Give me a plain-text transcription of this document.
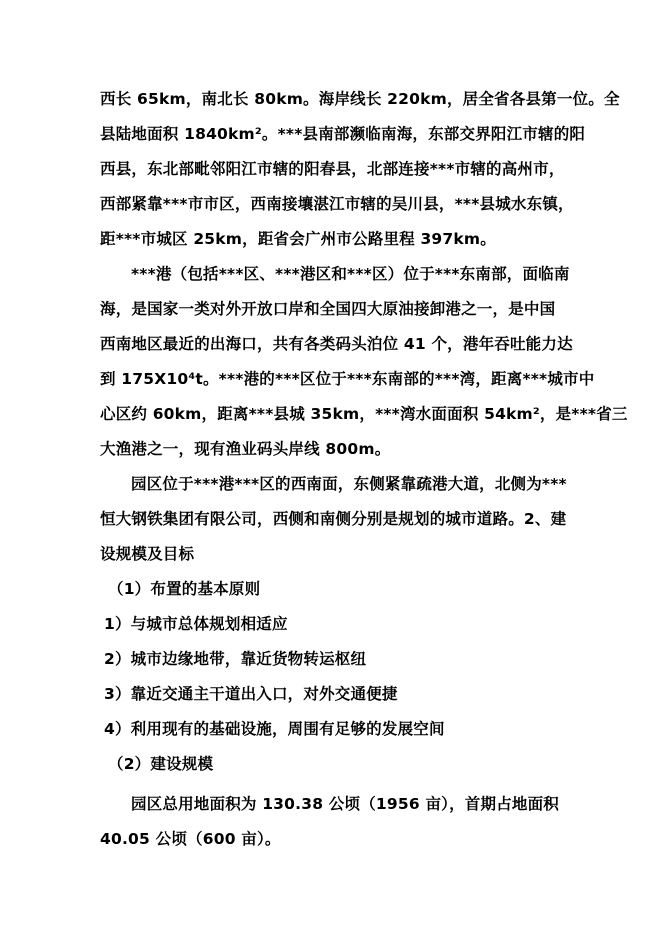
西长 65km，南北长 80km。海岸线长 220km，居全省各县第一位。全
县陆地面积 1840km²。***县南部濒临南海，东部交界阳江市辖的阳
西县，东北部毗邻阳江市辖的阳春县，北部连接***市辖的高州市，
西部紧靠***市市区，西南接壤湛江市辖的吴川县，***县城水东镇，
距***市城区 25km，距省会广州市公路里程 397km。
***港（包括***区、***港区和***区）位于***东南部，面临南
海，是国家一类对外开放口岸和全国四大原油接卸港之一，是中国
西南地区最近的出海口，共有各类码头泊位 41 个，港年吞吐能力达
到 175X10⁴t。***港的***区位于***东南部的***湾，距离***城市中
心区约 60km，距离***县城 35km，***湾水面面积 54km²，是***省三
大渔港之一，现有渔业码头岸线 800m。
园区位于***港***区的西南面，东侧紧靠疏港大道，北侧为***
恒大钢铁集团有限公司，西侧和南侧分别是规划的城市道路。2、建
设规模及目标
（1）布置的基本原则
1）与城市总体规划相适应
2）城市边缘地带，靠近货物转运枢纽
3）靠近交通主干道出入口，对外交通便捷
4）利用现有的基础设施，周围有足够的发展空间
（2）建设规模
园区总用地面积为 130.38 公顷（1956 亩），首期占地面积
40.05 公顷（600 亩）。
